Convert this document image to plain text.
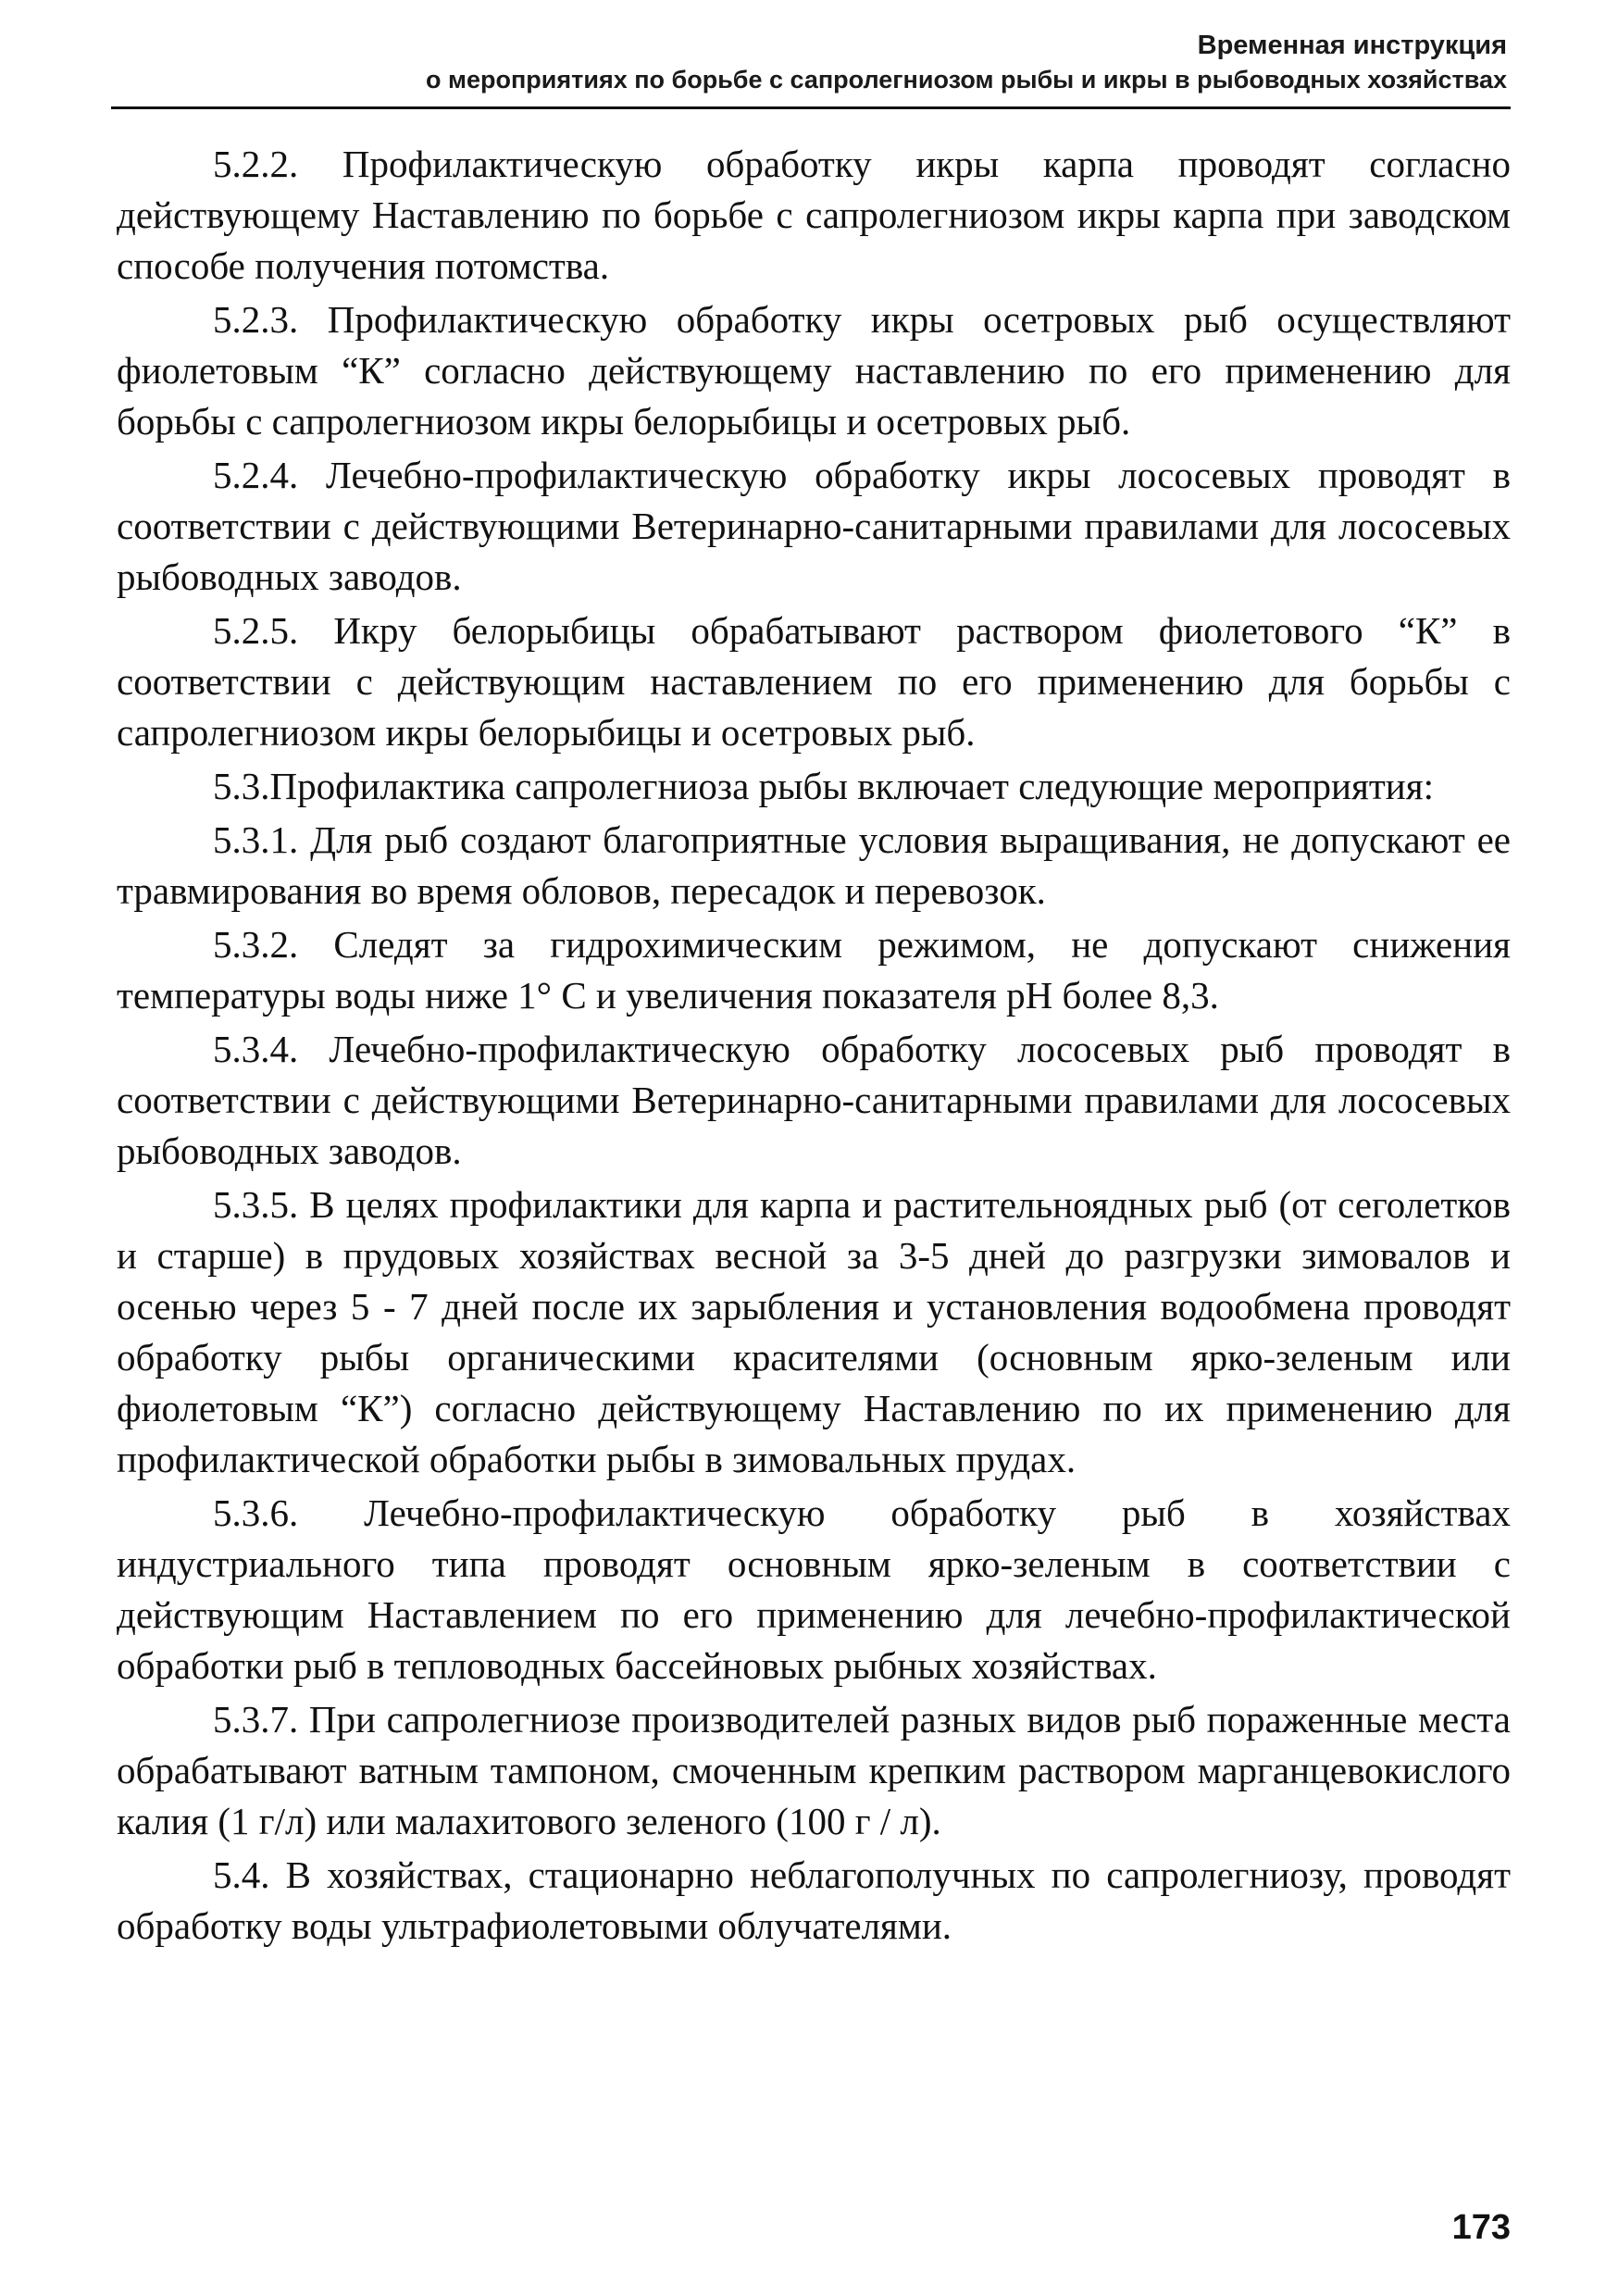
Временная инструкция
о мероприятиях по борьбе с сапролегниозом рыбы и икры в рыбоводных хозяйствах

5.2.2. Профилактическую обработку икры карпа проводят согласно действующему Наставлению по борьбе с сапролегниозом икры карпа при заводском способе получения потомства.

5.2.3. Профилактическую обработку икры осетровых рыб осуществляют фиолетовым “К” согласно действующему наставлению по его применению для борьбы с сапролегниозом икры белорыбицы и осетровых рыб.

5.2.4. Лечебно-профилактическую обработку икры лососевых проводят в соответствии с действующими Ветеринарно-санитарными правилами для лососевых рыбоводных заводов.

5.2.5. Икру белорыбицы обрабатывают раствором фиолетового “К” в соответствии с действующим наставлением по его применению для борьбы с сапролегниозом икры белорыбицы и осетровых рыб.

5.3.Профилактика сапролегниоза рыбы включает следующие мероприятия:

5.3.1. Для рыб создают благоприятные условия выращивания, не допускают ее травмирования во время обловов, пересадок и перевозок.

5.3.2. Следят за гидрохимическим режимом, не допускают снижения температуры воды ниже 1° С и увеличения показателя pH более 8,3.

5.3.4. Лечебно-профилактическую обработку лососевых рыб проводят в соответствии с действующими Ветеринарно-санитарными правилами для лососевых рыбоводных заводов.

5.3.5. В целях профилактики для карпа и растительноядных рыб (от сеголетков и старше) в прудовых хозяйствах весной за 3-5 дней до разгрузки зимовалов и осенью через 5 - 7 дней после их зарыбления и установления водообмена проводят обработку рыбы органическими красителями (основным ярко-зеленым или фиолетовым “К”) согласно действующему Наставлению по их применению для профилактической обработки рыбы в зимовальных прудах.

5.3.6. Лечебно-профилактическую обработку рыб в хозяйствах индустриального типа проводят основным ярко-зеленым в соответствии с действующим Наставлением по его применению для лечебно-профилактической обработки рыб в тепловодных бассейновых рыбных хозяйствах.

5.3.7. При сапролегниозе производителей разных видов рыб пораженные места обрабатывают ватным тампоном, смоченным крепким раствором марганцевокислого калия (1 г/л) или малахитового зеленого (100 г / л).

5.4. В хозяйствах, стационарно неблагополучных по сапролегниозу, проводят обработку воды ультрафиолетовыми облучателями.

173
